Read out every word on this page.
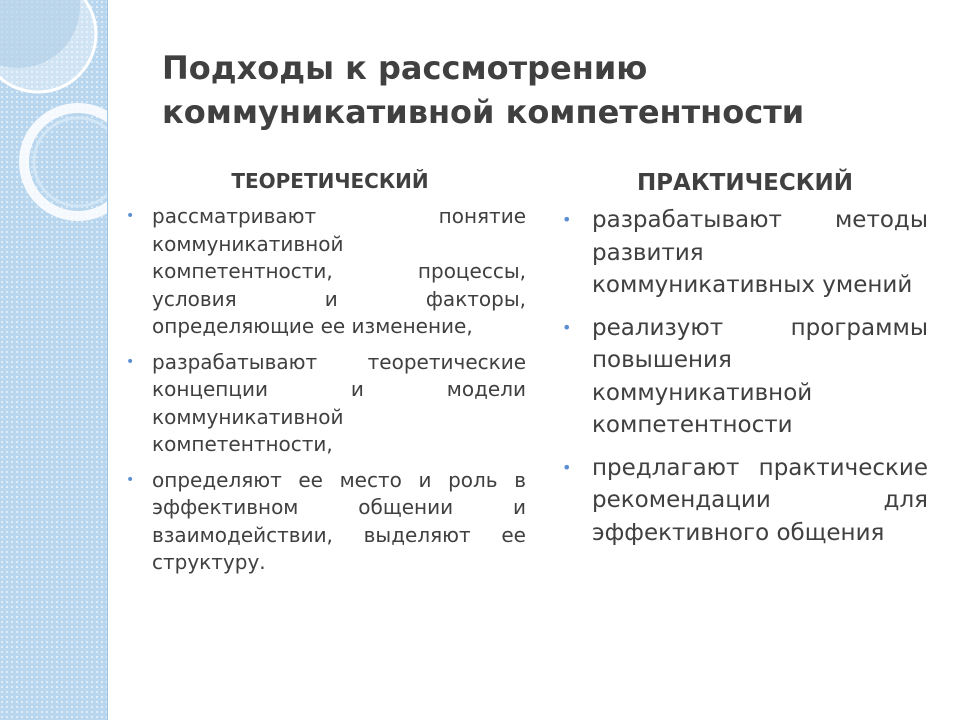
Подходы к рассмотрению
коммуникативной компетентности
ТЕОРЕТИЧЕСКИЙ
• рассматривают понятие коммуникативной компетентности, процессы, условия и факторы, определяющие ее изменение,
• разрабатывают теоретические концепции и модели коммуникативной компетентности,
• определяют ее место и роль в эффективном общении и взаимодействии, выделяют ее структуру.
ПРАКТИЧЕСКИЙ
• разрабатывают методы развития коммуникативных умений
• реализуют программы повышения коммуникативной компетентности
• предлагают практические рекомендации для эффективного общения
